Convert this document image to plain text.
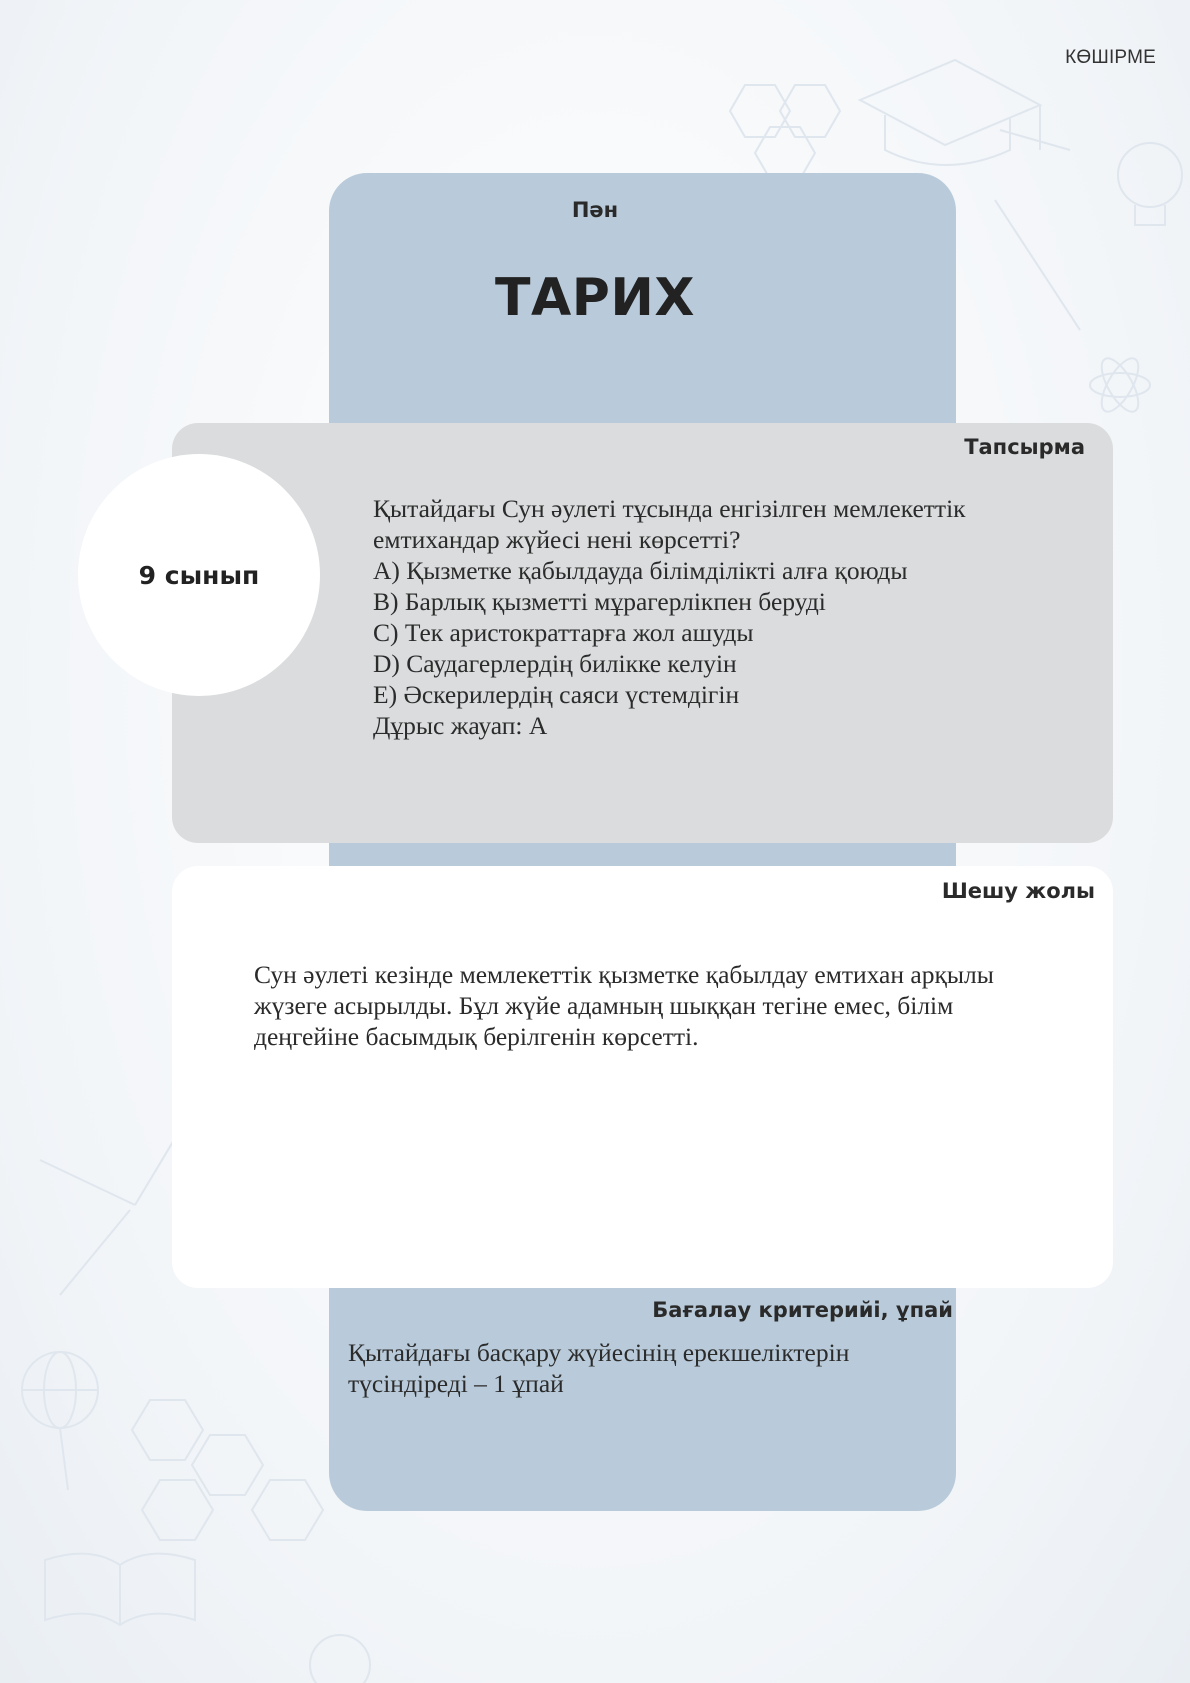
КӨШІРМЕ
Пән
ТАРИХ
Тапсырма
Қытайдағы Сун әулеті тұсында енгізілген мемлекеттік
емтихандар жүйесі нені көрсетті?
A) Қызметке қабылдауда білімділікті алға қоюды
B) Барлық қызметті мұрагерлікпен беруді
C) Тек аристократтарға жол ашуды
D) Саудагерлердің билікке келуін
E) Әскерилердің саяси үстемдігін
Дұрыс жауап: A
9 сынып
Шешу жолы
Сун әулеті кезінде мемлекеттік қызметке қабылдау емтихан арқылы
жүзеге асырылды. Бұл жүйе адамның шыққан тегіне емес, білім
деңгейіне басымдық берілгенін көрсетті.
Бағалау критерийі, ұпай
Қытайдағы басқару жүйесінің ерекшеліктерін
түсіндіреді – 1 ұпай
